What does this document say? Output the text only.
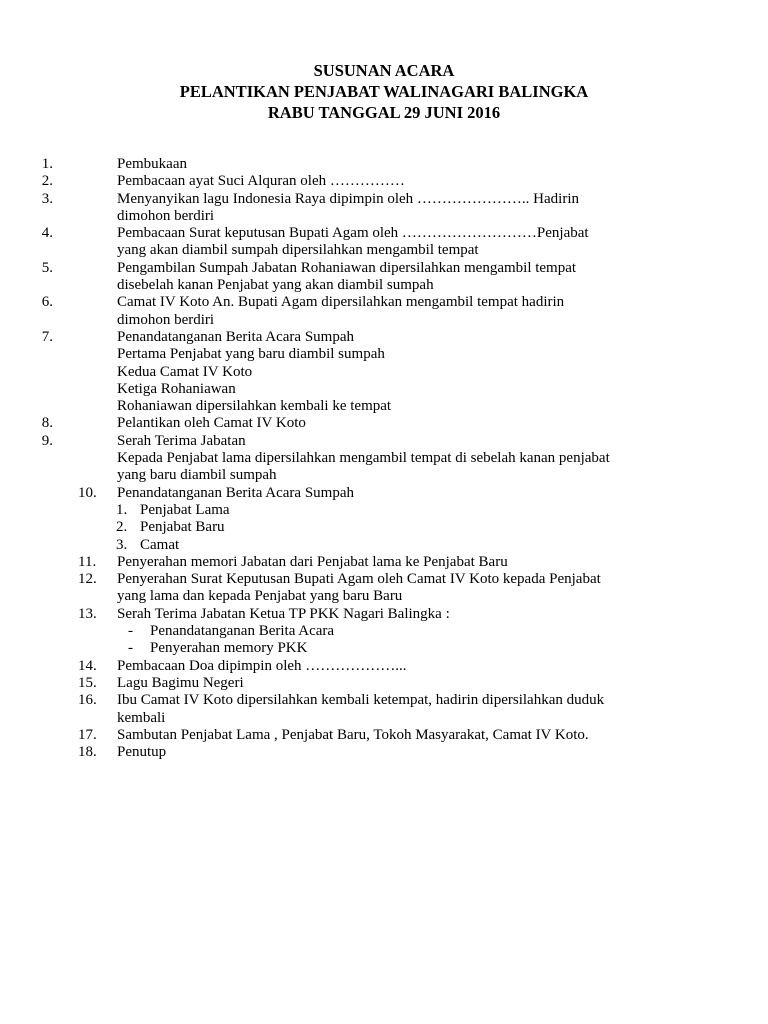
SUSUNAN ACARA
PELANTIKAN PENJABAT WALINAGARI BALINGKA
RABU TANGGAL 29 JUNI 2016
1.	Pembukaan
2.	Pembacaan ayat Suci Alquran oleh ……………
3.	Menyanyikan lagu Indonesia Raya dipimpin oleh ………………….. Hadirin
dimohon berdiri
4.	Pembacaan Surat keputusan Bupati Agam oleh ………………………Penjabat
yang akan diambil sumpah dipersilahkan mengambil tempat
5.	Pengambilan Sumpah Jabatan Rohaniawan dipersilahkan mengambil tempat
disebelah kanan Penjabat yang akan diambil sumpah
6.	Camat IV Koto An. Bupati Agam dipersilahkan mengambil tempat hadirin
dimohon berdiri
7.	Penandatanganan Berita Acara Sumpah
Pertama Penjabat yang baru diambil sumpah
Kedua Camat IV Koto
Ketiga Rohaniawan
Rohaniawan dipersilahkan kembali ke tempat
8.	Pelantikan oleh Camat IV Koto
9.	Serah Terima Jabatan
Kepada Penjabat lama dipersilahkan mengambil tempat di sebelah kanan penjabat
yang baru diambil sumpah
10. Penandatanganan Berita Acara Sumpah
1. Penjabat Lama
2. Penjabat Baru
3. Camat
11. Penyerahan memori Jabatan dari Penjabat lama ke Penjabat Baru
12. Penyerahan Surat Keputusan Bupati Agam oleh Camat IV Koto kepada Penjabat
yang lama dan kepada Penjabat yang baru Baru
13. Serah Terima Jabatan Ketua TP PKK Nagari Balingka :
- Penandatanganan Berita Acara
- Penyerahan memory PKK
14. Pembacaan Doa dipimpin oleh ………………...
15. Lagu Bagimu Negeri
16. Ibu Camat IV Koto dipersilahkan kembali ketempat, hadirin dipersilahkan duduk
kembali
17. Sambutan Penjabat Lama , Penjabat Baru, Tokoh Masyarakat, Camat IV Koto.
18. Penutup
